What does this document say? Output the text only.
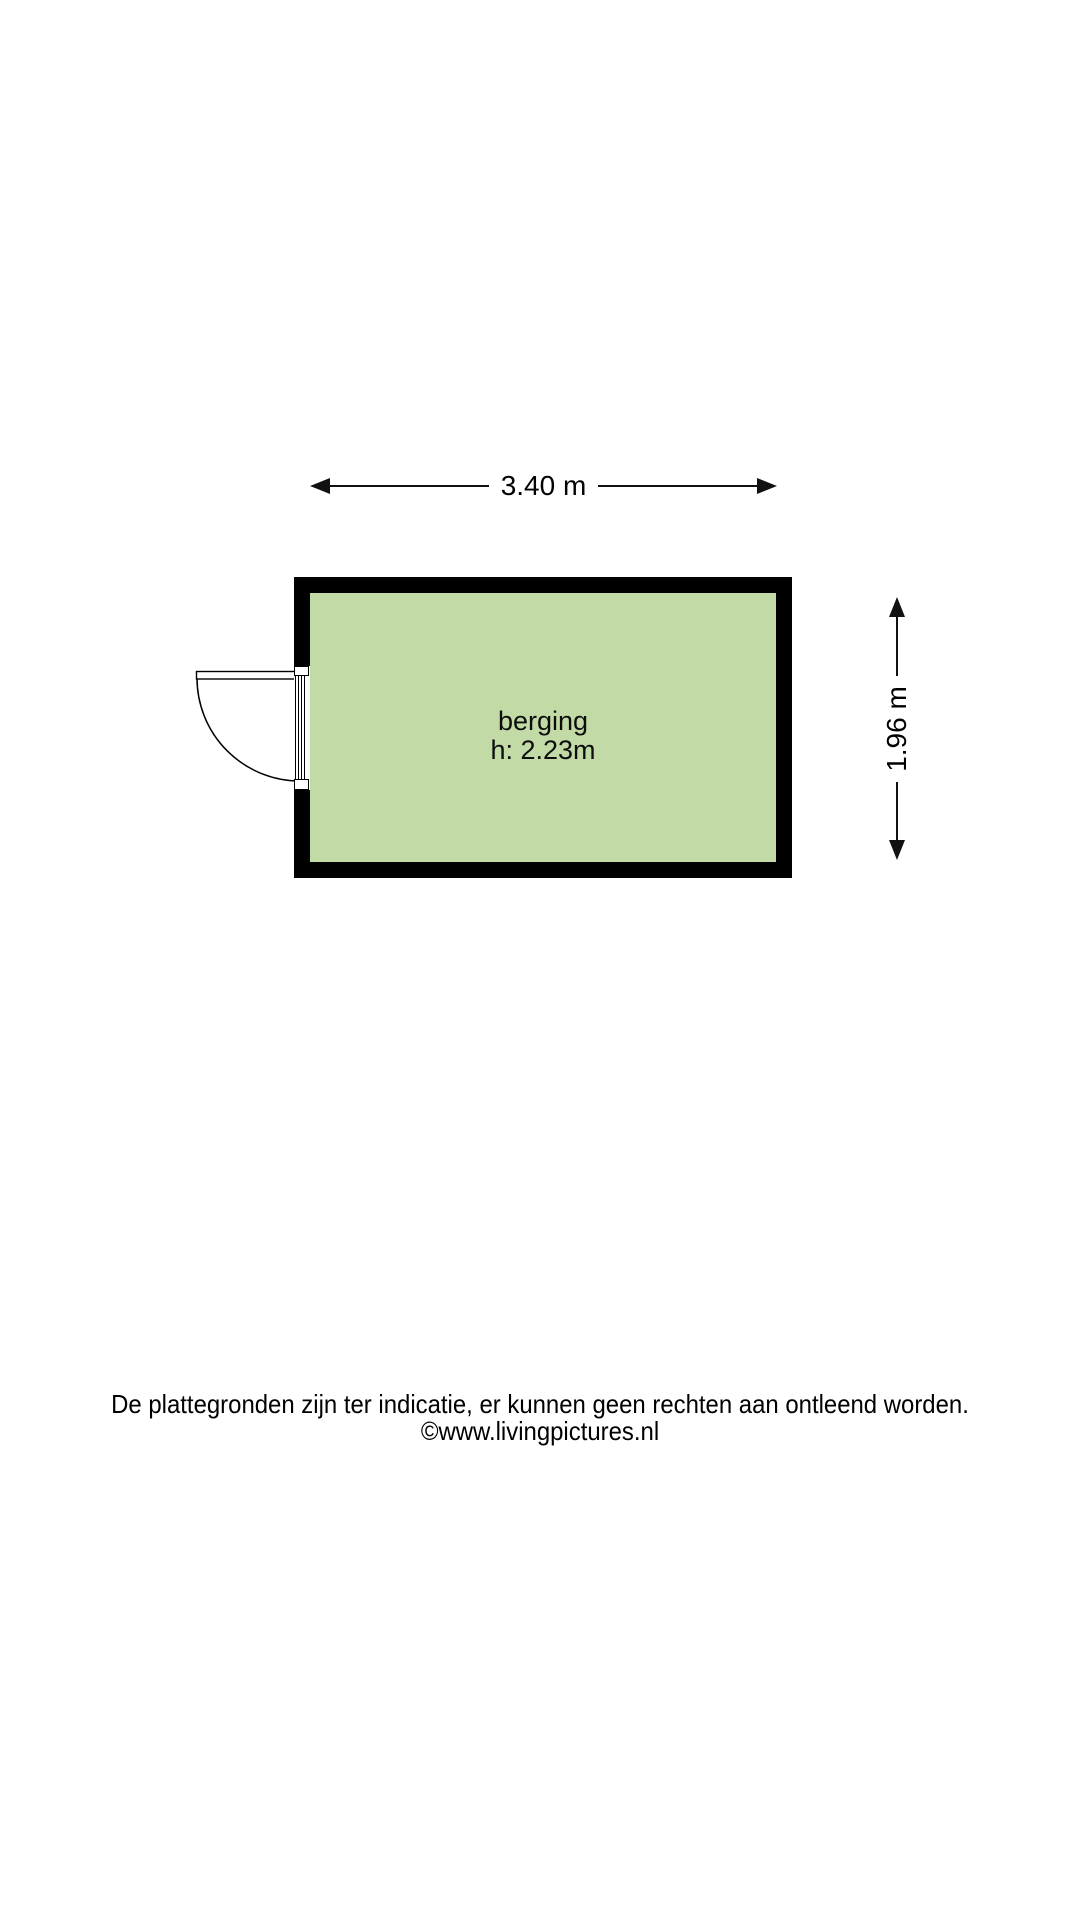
3.40 m
berging
h: 2.23m	1.96 m
De plattegronden zijn ter indicatie, er kunnen geen rechten aan ontleend worden.
©www.livingpictures.nl
